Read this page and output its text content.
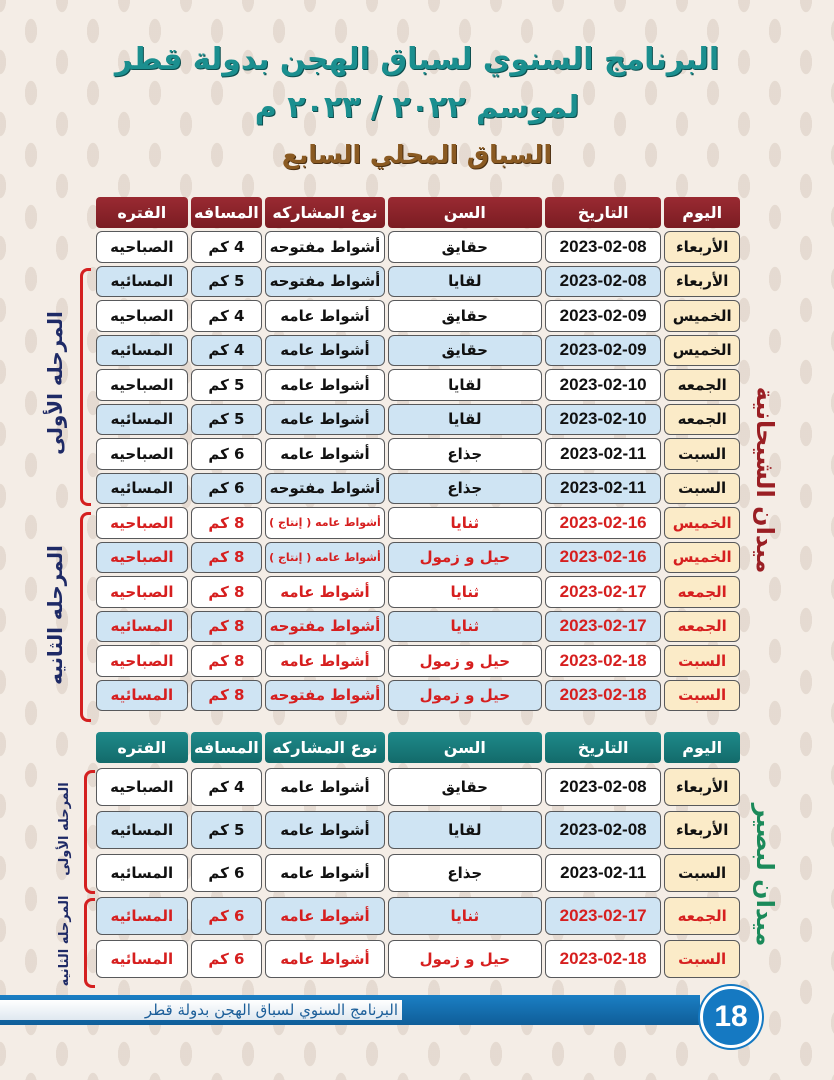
البرنامج السنوي لسباق الهجن بدولة قطر
لموسم ٢٠٢٢ / ٢٠٢٣ م
السباق المحلي السابع
اليوم
التاريخ
السن
نوع المشاركه
المسافه
الفتره
الأربعاء
2023-02-08
حقايق
أشواط مفتوحه
4 كم
الصباحيه
الأربعاء
2023-02-08
لقايا
أشواط مفتوحه
5 كم
المسائيه
الخميس
2023-02-09
حقايق
أشواط عامه
4 كم
الصباحيه
الخميس
2023-02-09
حقايق
أشواط عامه
4 كم
المسائيه
الجمعه
2023-02-10
لقايا
أشواط عامه
5 كم
الصباحيه
الجمعه
2023-02-10
لقايا
أشواط عامه
5 كم
المسائيه
السبت
2023-02-11
جذاع
أشواط عامه
6 كم
الصباحيه
السبت
2023-02-11
جذاع
أشواط مفتوحه
6 كم
المسائيه
الخميس
2023-02-16
ثنايا
أشواط عامه ( إنتاج )
8 كم
الصباحيه
الخميس
2023-02-16
حيل و زمول
أشواط عامه ( إنتاج )
8 كم
الصباحيه
الجمعه
2023-02-17
ثنايا
أشواط عامه
8 كم
الصباحيه
الجمعه
2023-02-17
ثنايا
أشواط مفتوحه
8 كم
المسائيه
السبت
2023-02-18
حيل و زمول
أشواط عامه
8 كم
الصباحيه
السبت
2023-02-18
حيل و زمول
أشواط مفتوحه
8 كم
المسائيه
اليوم
التاريخ
السن
نوع المشاركه
المسافه
الفتره
الأربعاء
2023-02-08
حقايق
أشواط عامه
4 كم
الصباحيه
الأربعاء
2023-02-08
لقايا
أشواط عامه
5 كم
المسائيه
السبت
2023-02-11
جذاع
أشواط عامه
6 كم
المسائيه
الجمعه
2023-02-17
ثنايا
أشواط عامه
6 كم
المسائيه
السبت
2023-02-18
حيل و زمول
أشواط عامه
6 كم
المسائيه
ميدان الشيحانية
ميدان لبصير
المرحله الأولى
المرحله الثانيه
المرحله الأولى
المرحله الثانيه
البرنامج السنوي لسباق الهجن بدولة قطر	18
